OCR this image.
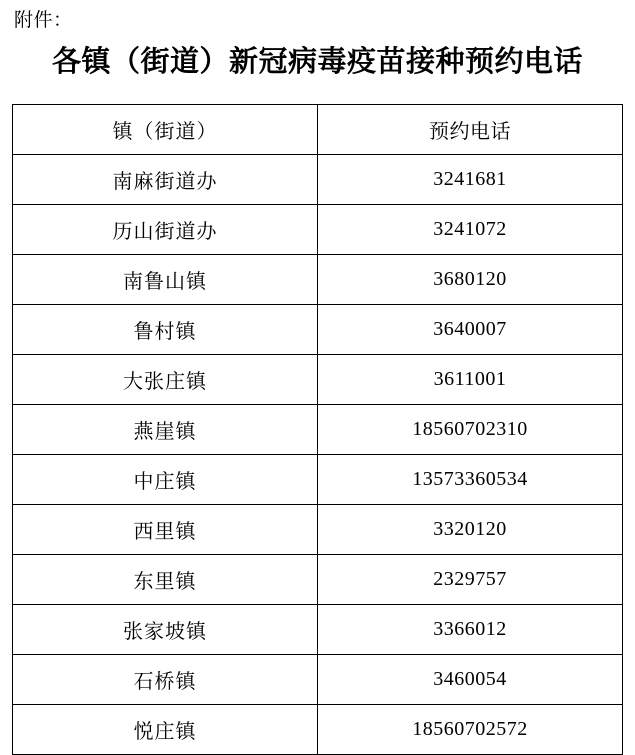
附件：
各镇（街道）新冠病毒疫苗接种预约电话
镇（街道）	预约电话
南麻街道办	3241681
历山街道办	3241072
南鲁山镇	3680120
鲁村镇	3640007
大张庄镇	3611001
燕崖镇	18560702310
中庄镇	13573360534
西里镇	3320120
东里镇	2329757
张家坡镇	3366012
石桥镇	3460054
悦庄镇	18560702572
